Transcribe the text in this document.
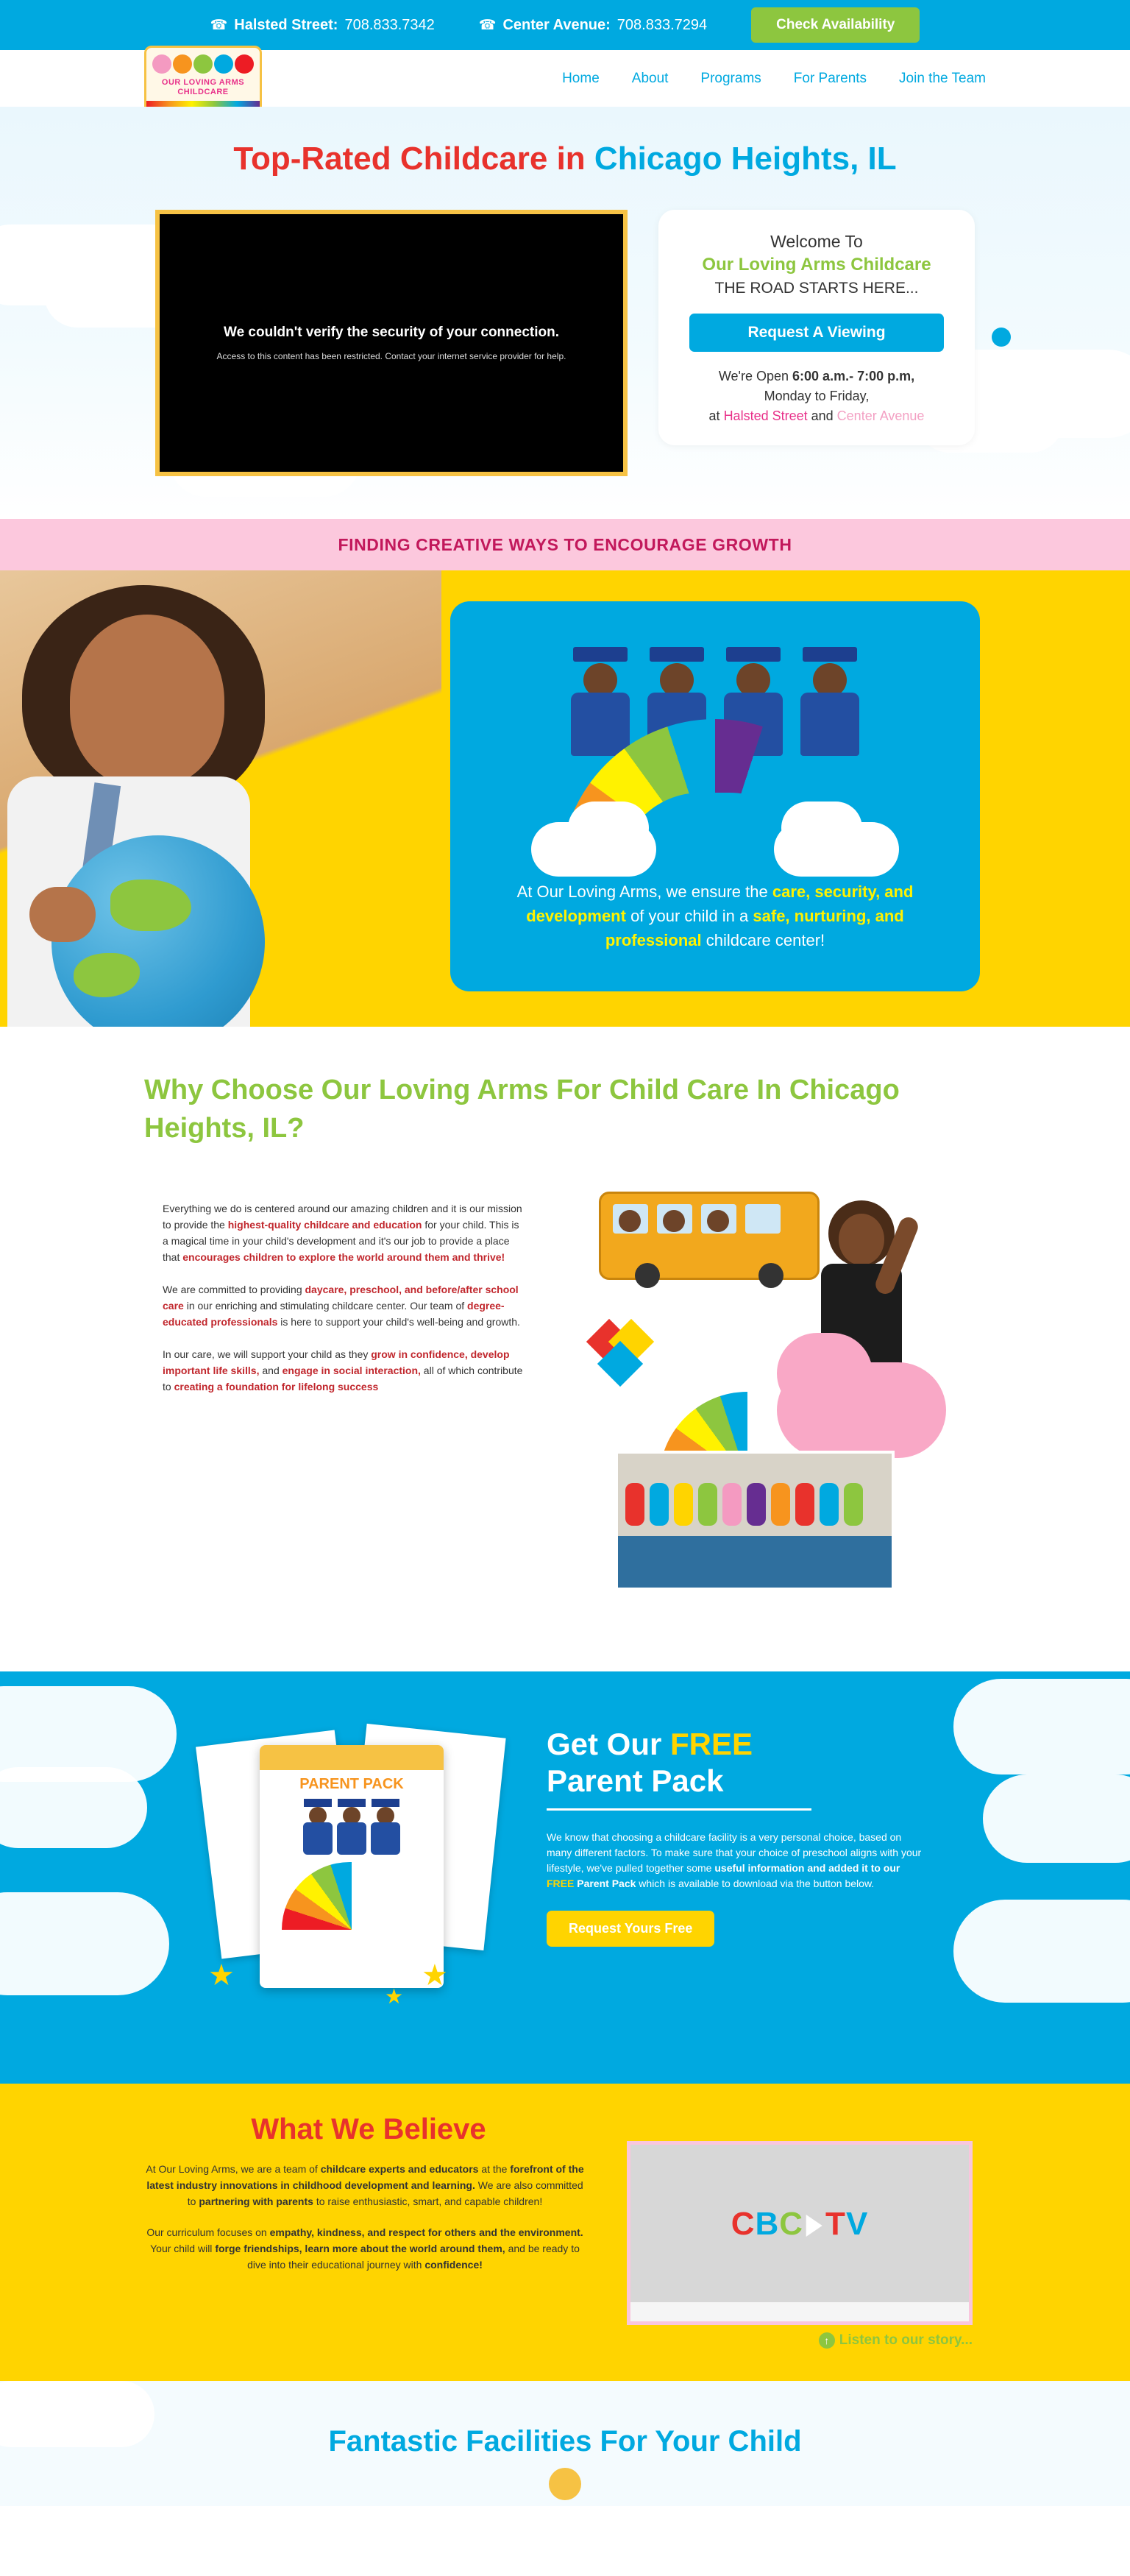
☎ Halsted Street: 708.833.7342	☎ Center Avenue: 708.833.7294	Check Availability
OUR LOVING ARMS CHILDCARE
Home About Programs For Parents Join the Team
Top-Rated Childcare in Chicago Heights, IL
We couldn't verify the security of your connection.
Access to this content has been restricted. Contact your internet service provider for help.
Welcome To
Our Loving Arms Childcare
THE ROAD STARTS HERE...
Request A Viewing
We're Open 6:00 a.m.- 7:00 p.m,
Monday to Friday,
at Halsted Street and Center Avenue
FINDING CREATIVE WAYS TO ENCOURAGE GROWTH
At Our Loving Arms, we ensure the care, security, and development of your child in a safe, nurturing, and professional childcare center!
Why Choose Our Loving Arms For Child Care In Chicago Heights, IL?

Everything we do is centered around our amazing children and it is our mission to provide the highest-quality childcare and education for your child. This is a magical time in your child's development and it's our job to provide a place that encourages children to explore the world around them and thrive!

We are committed to providing daycare, preschool, and before/after school care in our enriching and stimulating childcare center. Our team of degree-educated professionals is here to support your child's well-being and growth.

In our care, we will support your child as they grow in confidence, develop important life skills, and engage in social interaction, all of which contribute to creating a foundation for lifelong success

PARENT PACK
★	★
★
Get Our FREE
Parent Pack

We know that choosing a childcare facility is a very personal choice, based on many different factors. To make sure that your choice of preschool aligns with your lifestyle, we've pulled together some useful information and added it to our FREE Parent Pack which is available to download via the button below.

Request Yours Free
What We Believe

At Our Loving Arms, we are a team of childcare experts and educators at the forefront of the latest industry innovations in childhood development and learning. We are also committed to partnering with parents to raise enthusiastic, smart, and capable children!

Our curriculum focuses on empathy, kindness, and respect for others and the environment. Your child will forge friendships, learn more about the world around them, and be ready to dive into their educational journey with confidence!

CBC TV
↑ Listen to our story...
Fantastic Facilities For Your Child
